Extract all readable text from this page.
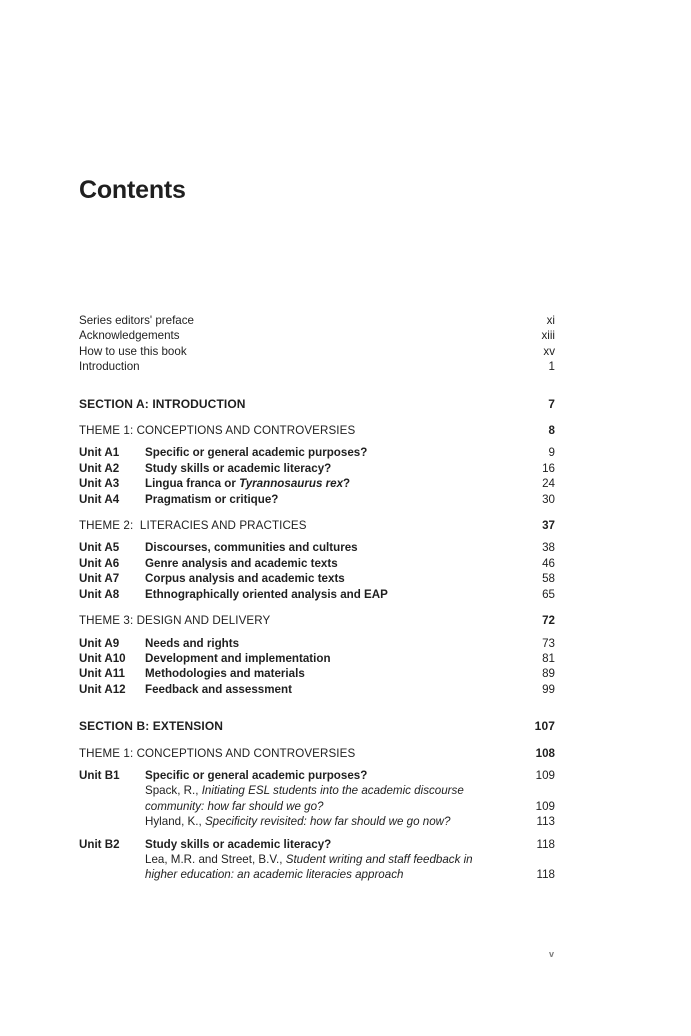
Contents
Series editors' preface	xi
Acknowledgements	xiii
How to use this book	xv
Introduction	1
SECTION A: INTRODUCTION	7
THEME 1: CONCEPTIONS AND CONTROVERSIES	8
Unit A1	Specific or general academic purposes?	9
Unit A2	Study skills or academic literacy?	16
Unit A3	Lingua franca or Tyrannosaurus rex?	24
Unit A4	Pragmatism or critique?	30
THEME 2:  LITERACIES AND PRACTICES	37
Unit A5	Discourses, communities and cultures	38
Unit A6	Genre analysis and academic texts	46
Unit A7	Corpus analysis and academic texts	58
Unit A8	Ethnographically oriented analysis and EAP	65
THEME 3: DESIGN AND DELIVERY	72
Unit A9	Needs and rights	73
Unit A10	Development and implementation	81
Unit A11	Methodologies and materials	89
Unit A12	Feedback and assessment	99
SECTION B: EXTENSION	107
THEME 1: CONCEPTIONS AND CONTROVERSIES	108
Unit B1	Specific or general academic purposes?	109
Spack, R., Initiating ESL students into the academic discourse
community: how far should we go?	109
Hyland, K., Specificity revisited: how far should we go now?	113
Unit B2	Study skills or academic literacy?	118
Lea, M.R. and Street, B.V., Student writing and staff feedback in
higher education: an academic literacies approach	118
v
